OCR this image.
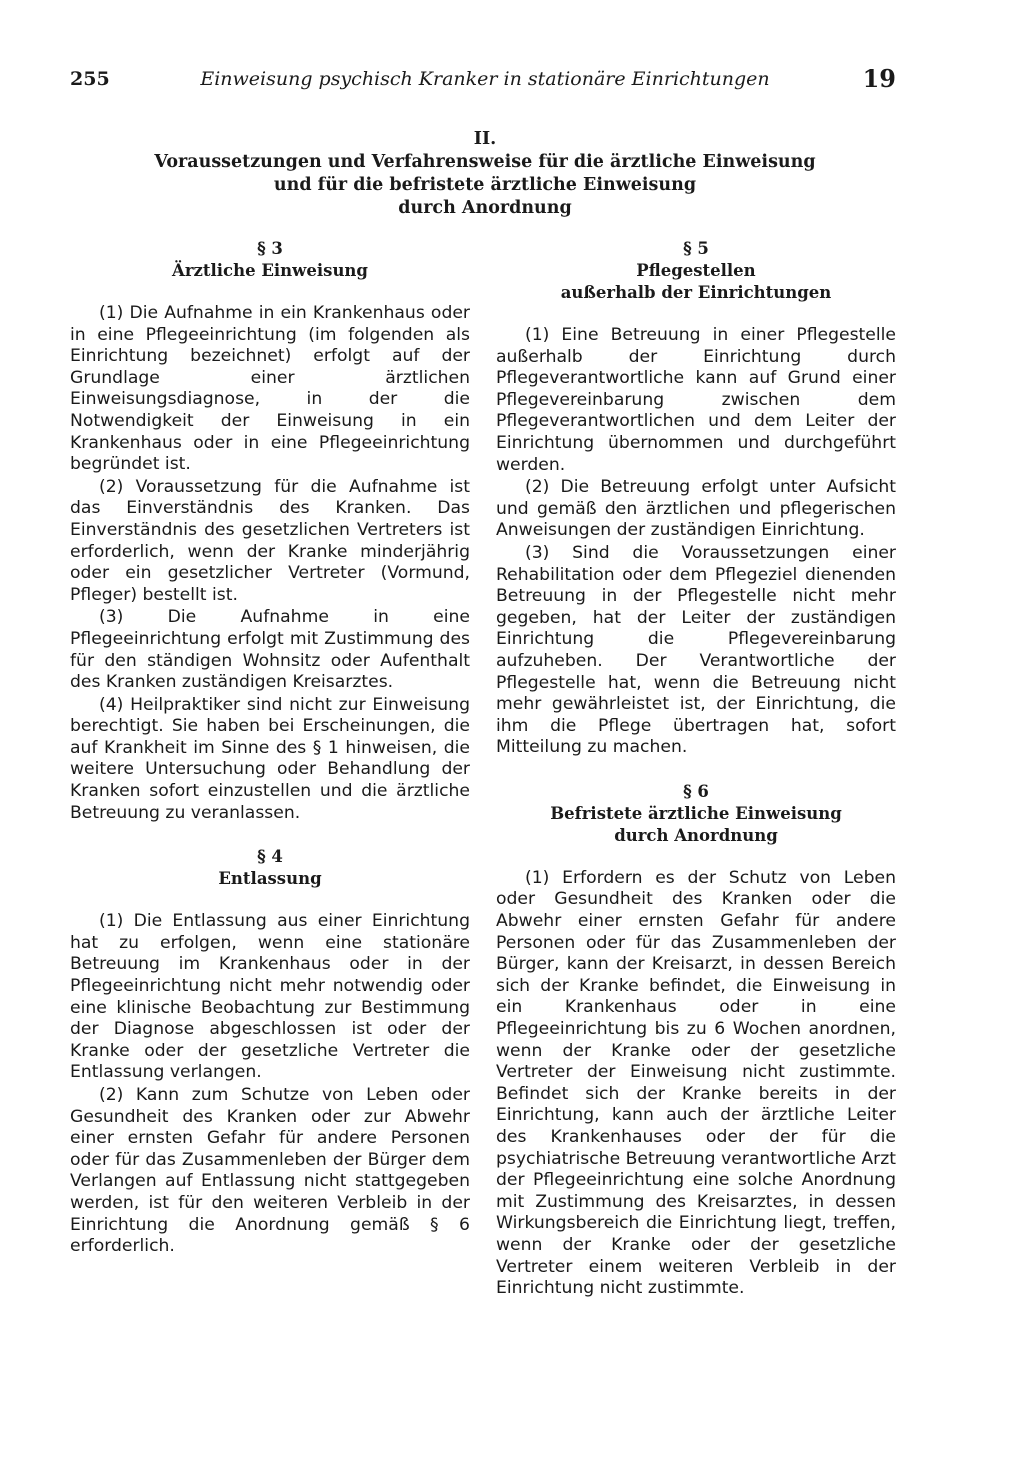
255	Einweisung psychisch Kranker in stationäre Einrichtungen	19
II.
Voraussetzungen und Verfahrensweise für die ärztliche Einweisung
und für die befristete ärztliche Einweisung
durch Anordnung
§ 3
Ärztliche Einweisung

(1) Die Aufnahme in ein Krankenhaus oder in eine Pflegeeinrichtung (im folgenden als Einrichtung bezeichnet) erfolgt auf der Grundlage einer ärztlichen Einweisungsdiagnose, in der die Notwendigkeit der Einweisung in ein Krankenhaus oder in eine Pflegeeinrichtung begründet ist.

(2) Voraussetzung für die Aufnahme ist das Einverständnis des Kranken. Das Einverständnis des gesetzlichen Vertreters ist erforderlich, wenn der Kranke minderjährig oder ein gesetzlicher Vertreter (Vormund, Pfleger) bestellt ist.

(3) Die Aufnahme in eine Pflegeeinrichtung erfolgt mit Zustimmung des für den ständigen Wohnsitz oder Aufenthalt des Kranken zuständigen Kreisarztes.

(4) Heilpraktiker sind nicht zur Einweisung berechtigt. Sie haben bei Erscheinungen, die auf Krankheit im Sinne des § 1 hinweisen, die weitere Untersuchung oder Behandlung der Kranken sofort einzustellen und die ärztliche Betreuung zu veranlassen.

§ 4
Entlassung

(1) Die Entlassung aus einer Einrichtung hat zu erfolgen, wenn eine stationäre Betreuung im Krankenhaus oder in der Pflegeeinrichtung nicht mehr notwendig oder eine klinische Beobachtung zur Bestimmung der Diagnose abgeschlossen ist oder der Kranke oder der gesetzliche Vertreter die Entlassung verlangen.

(2) Kann zum Schutze von Leben oder Gesundheit des Kranken oder zur Abwehr einer ernsten Gefahr für andere Personen oder für das Zusammenleben der Bürger dem Verlangen auf Entlassung nicht stattgegeben werden, ist für den weiteren Verbleib in der Einrichtung die Anordnung gemäß § 6 erforderlich.

§ 5
Pflegestellen
außerhalb der Einrichtungen

(1) Eine Betreuung in einer Pflegestelle außerhalb der Einrichtung durch Pflegeverantwortliche kann auf Grund einer Pflegevereinbarung zwischen dem Pflegeverantwortlichen und dem Leiter der Einrichtung übernommen und durchgeführt werden.

(2) Die Betreuung erfolgt unter Aufsicht und gemäß den ärztlichen und pflegerischen Anweisungen der zuständigen Einrichtung.

(3) Sind die Voraussetzungen einer Rehabilitation oder dem Pflegeziel dienenden Betreuung in der Pflegestelle nicht mehr gegeben, hat der Leiter der zuständigen Einrichtung die Pflegevereinbarung aufzuheben. Der Verantwortliche der Pflegestelle hat, wenn die Betreuung nicht mehr gewährleistet ist, der Einrichtung, die ihm die Pflege übertragen hat, sofort Mitteilung zu machen.

§ 6
Befristete ärztliche Einweisung
durch Anordnung

(1) Erfordern es der Schutz von Leben oder Gesundheit des Kranken oder die Abwehr einer ernsten Gefahr für andere Personen oder für das Zusammenleben der Bürger, kann der Kreisarzt, in dessen Bereich sich der Kranke befindet, die Einweisung in ein Krankenhaus oder in eine Pflegeeinrichtung bis zu 6 Wochen anordnen, wenn der Kranke oder der gesetzliche Vertreter der Einweisung nicht zustimmte. Befindet sich der Kranke bereits in der Einrichtung, kann auch der ärztliche Leiter des Krankenhauses oder der für die psychiatrische Betreuung verantwortliche Arzt der Pflegeeinrichtung eine solche Anordnung mit Zustimmung des Kreisarztes, in dessen Wirkungsbereich die Einrichtung liegt, treffen, wenn der Kranke oder der gesetzliche Vertreter einem weiteren Verbleib in der Einrichtung nicht zustimmte.
